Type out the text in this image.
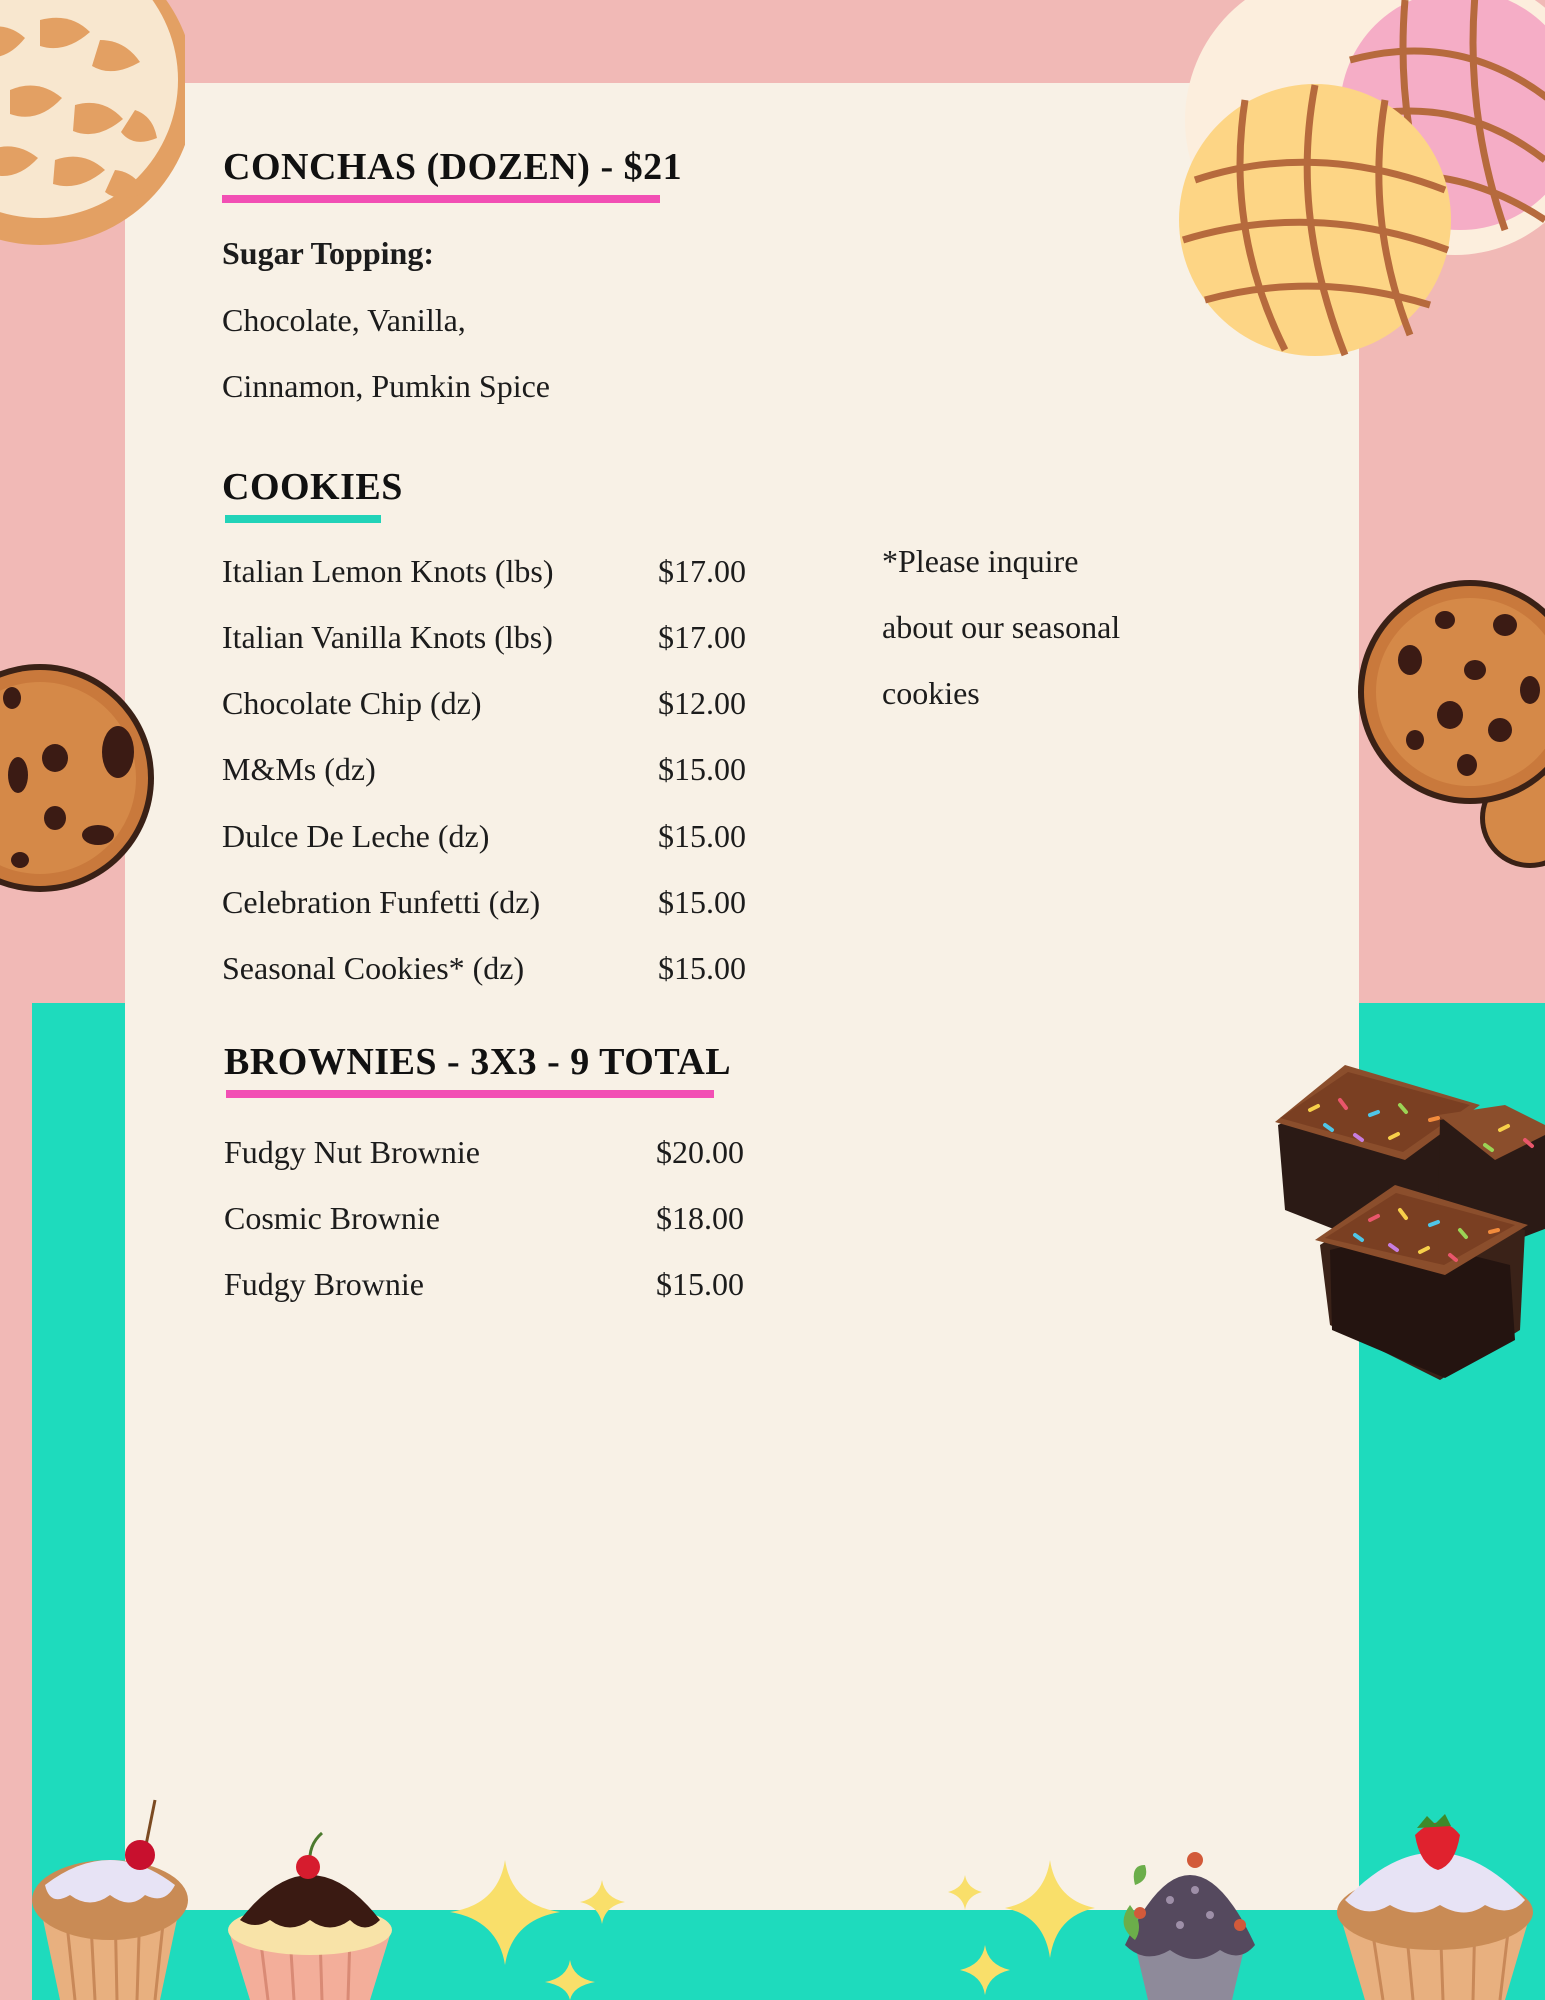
CONCHAS (DOZEN) - $21

Sugar Topping:

Chocolate, Vanilla,

Cinnamon, Pumkin Spice

COOKIES

Italian Lemon Knots (lbs)	$17.00

Italian Vanilla Knots (lbs)	$17.00

Chocolate Chip (dz)	$12.00

M&Ms (dz)	$15.00

Dulce De Leche (dz)	$15.00

Celebration Funfetti (dz)	$15.00

Seasonal Cookies* (dz)	$15.00

*Please inquire

about our seasonal

cookies

BROWNIES - 3X3 - 9 TOTAL

Fudgy Nut Brownie	$20.00

Cosmic Brownie	$18.00

Fudgy Brownie	$15.00
